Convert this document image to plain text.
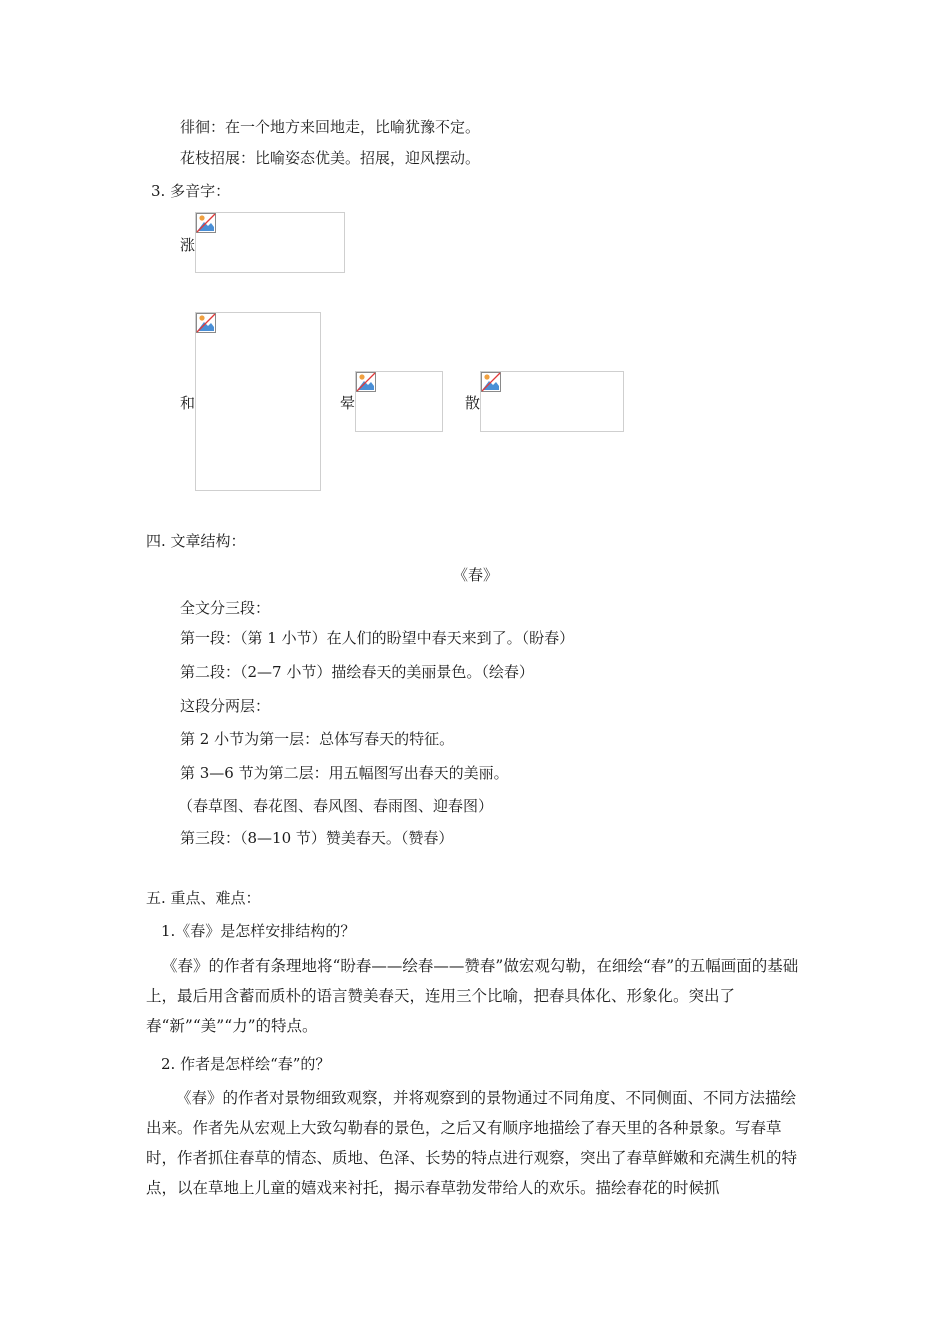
徘徊：在一个地方来回地走，比喻犹豫不定。
花枝招展：比喻姿态优美。招展，迎风摆动。
3. 多音字：
涨
和	晕	散
四. 文章结构：
《春》
全文分三段：
第一段：（第 1 小节）在人们的盼望中春天来到了。（盼春）
第二段：（2—7 小节）描绘春天的美丽景色。（绘春）
这段分两层：
第 2 小节为第一层：总体写春天的特征。
第 3—6 节为第二层：用五幅图写出春天的美丽。
（春草图、春花图、春风图、春雨图、迎春图）
第三段：（8—10 节）赞美春天。（赞春）
五. 重点、难点：
1.《春》是怎样安排结构的？
《春》的作者有条理地将“盼春——绘春——赞春”做宏观勾勒，在细绘“春”的五幅画面的基础上，最后用含蓄而质朴的语言赞美春天，连用三个比喻，把春具体化、形象化。突出了春“新”“美”“力”的特点。
2. 作者是怎样绘“春”的？
《春》的作者对景物细致观察，并将观察到的景物通过不同角度、不同侧面、不同方法描绘出来。作者先从宏观上大致勾勒春的景色，之后又有顺序地描绘了春天里的各种景象。写春草时，作者抓住春草的情态、质地、色泽、长势的特点进行观察，突出了春草鲜嫩和充满生机的特点，以在草地上儿童的嬉戏来衬托，揭示春草勃发带给人的欢乐。描绘春花的时候抓
